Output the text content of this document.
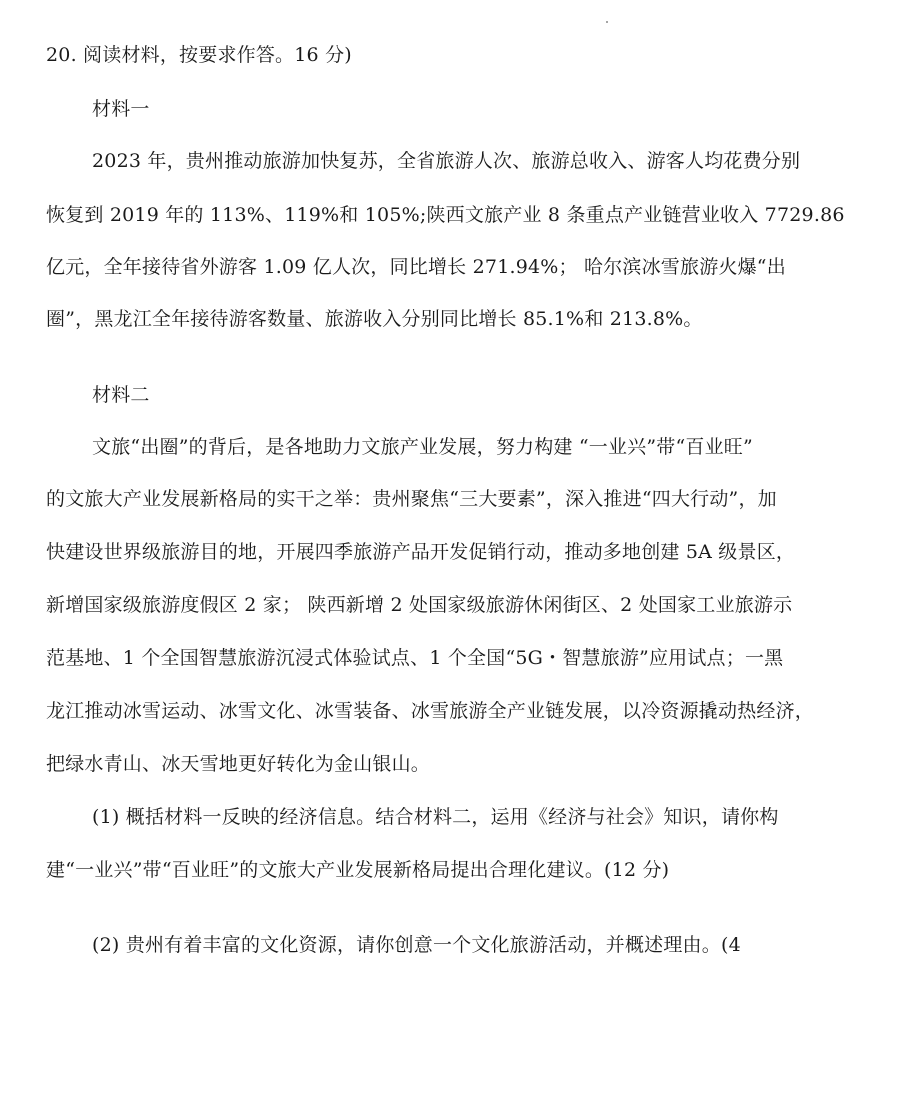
20. 阅读材料，按要求作答。16 分)
材料一
2023 年，贵州推动旅游加快复苏，全省旅游人次、旅游总收入、游客人均花费分别
恢复到 2019 年的 113%、119%和 105%;陕西文旅产业 8 条重点产业链营业收入 7729.86
亿元，全年接待省外游客 1.09 亿人次，同比增长 271.94%； 哈尔滨冰雪旅游火爆“出
圈”，黑龙江全年接待游客数量、旅游收入分别同比增长 85.1%和 213.8%。
材料二
文旅“出圈”的背后，是各地助力文旅产业发展，努力构建 “一业兴”带“百业旺”
的文旅大产业发展新格局的实干之举：贵州聚焦“三大要素”，深入推进“四大行动”，加
快建设世界级旅游目的地，开展四季旅游产品开发促销行动，推动多地创建 5A 级景区，
新增国家级旅游度假区 2 家； 陕西新增 2 处国家级旅游休闲街区、2 处国家工业旅游示
范基地、1 个全国智慧旅游沉浸式体验试点、1 个全国“5G・智慧旅游”应用试点；一黑
龙江推动冰雪运动、冰雪文化、冰雪装备、冰雪旅游全产业链发展，以冷资源撬动热经济，
把绿水青山、冰天雪地更好转化为金山银山。
(1) 概括材料一反映的经济信息。结合材料二，运用《经济与社会》知识，请你构
建“一业兴”带“百业旺”的文旅大产业发展新格局提出合理化建议。(12 分)
(2) 贵州有着丰富的文化资源，请你创意一个文化旅游活动，并概述理由。(4
